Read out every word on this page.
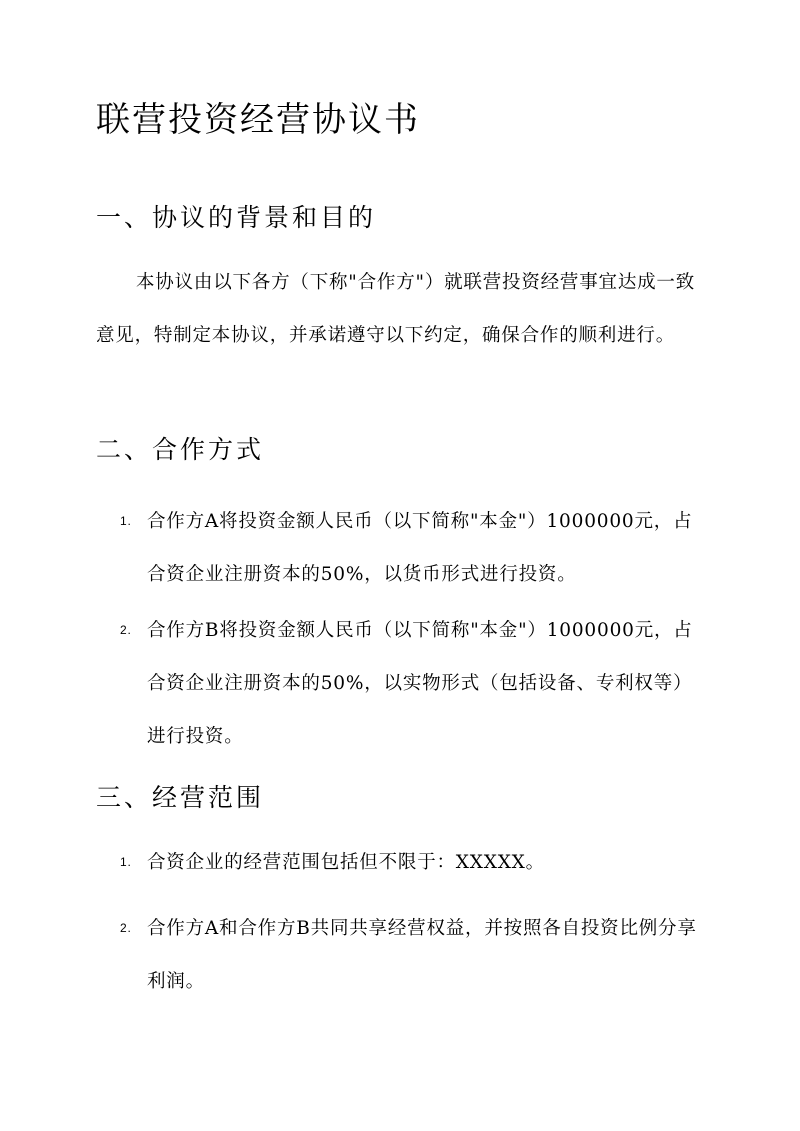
联营投资经营协议书
一、协议的背景和目的

本协议由以下各方（下称"合作方"）就联营投资经营事宜达成一致意见，特制定本协议，并承诺遵守以下约定，确保合作的顺利进行。

二、合作方式
1. 合作方A将投资金额人民币（以下简称"本金"）1000000元，占合资企业注册资本的50%，以货币形式进行投资。
2. 合作方B将投资金额人民币（以下简称"本金"）1000000元，占合资企业注册资本的50%，以实物形式（包括设备、专利权等）进行投资。
三、经营范围
1. 合资企业的经营范围包括但不限于：XXXXX。
2. 合作方A和合作方B共同共享经营权益，并按照各自投资比例分享利润。
